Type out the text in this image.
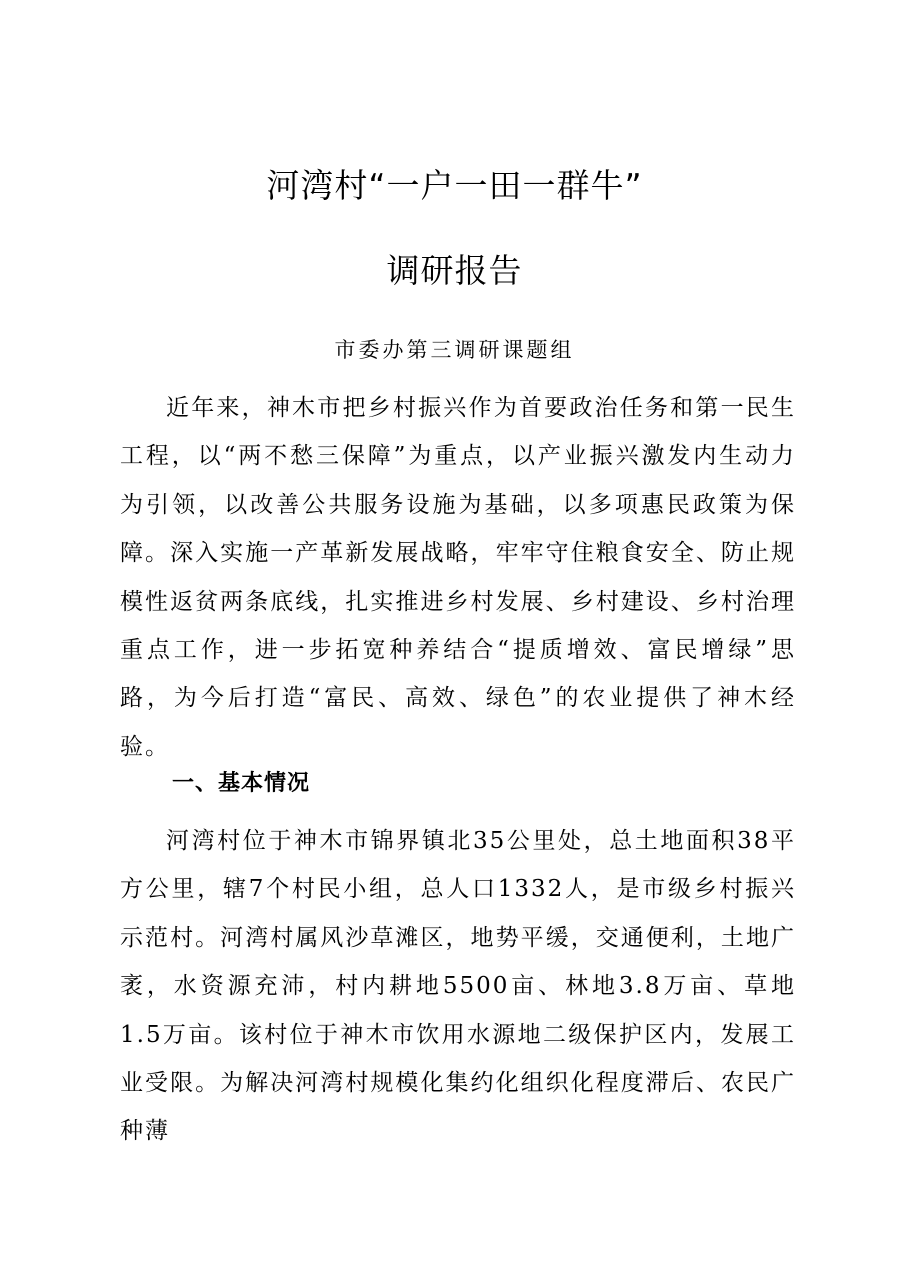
河湾村“一户一田一群牛”
调研报告
市委办第三调研课题组

近年来，神木市把乡村振兴作为首要政治任务和第一民生工程，以“两不愁三保障”为重点，以产业振兴激发内生动力为引领，以改善公共服务设施为基础，以多项惠民政策为保障。深入实施一产革新发展战略，牢牢守住粮食安全、防止规模性返贫两条底线，扎实推进乡村发展、乡村建设、乡村治理重点工作，进一步拓宽种养结合“提质增效、富民增绿”思路，为今后打造“富民、高效、绿色”的农业提供了神木经验。

一、基本情况

河湾村位于神木市锦界镇北35公里处，总土地面积38平方公里，辖7个村民小组，总人口1332人，是市级乡村振兴示范村。河湾村属风沙草滩区，地势平缓，交通便利，土地广袤，水资源充沛，村内耕地5500亩、林地3.8万亩、草地1.5万亩。该村位于神木市饮用水源地二级保护区内，发展工业受限。为解决河湾村规模化集约化组织化程度滞后、农民广种薄
